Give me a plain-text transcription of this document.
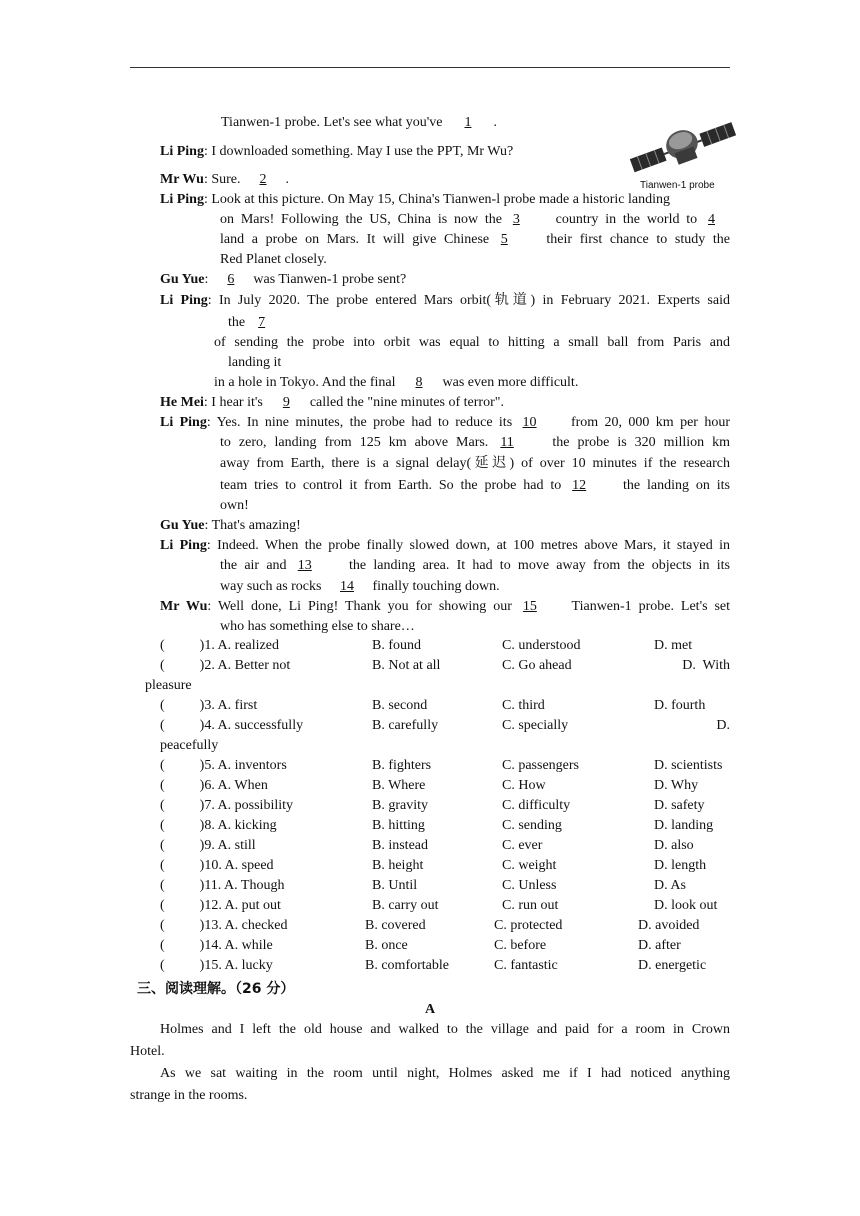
Tianwen-1 probe
Tianwen-1 probe. Let's see what you've 1 .
Li Ping: I downloaded something. May I use the PPT, Mr Wu?
Mr Wu: Sure. 2 .
Li Ping: Look at this picture. On May 15, China's Tianwen-l probe made a historic landing
on Mars! Following the US, China is now the 3	country in the world to 4
land a probe on Mars. It will give Chinese 5	their first chance to study the
Red Planet closely.
Gu Yue: 6 was Tianwen-1 probe sent?
Li Ping: In July 2020. The probe entered Mars orbit(轨道) in February 2021. Experts said
the 7
of sending the probe into orbit was equal to hitting a small ball from Paris and
landing it
in a hole in Tokyo. And the final 8 was even more difficult.
He Mei: I hear it's 9 called the "nine minutes of terror".
Li Ping: Yes. In nine minutes, the probe had to reduce its 10 from 20, 000 km per hour
to zero, landing from 125 km above Mars. 11	the probe is 320 million km
away from Earth, there is a signal delay(延迟) of over 10 minutes if the research
team tries to control it from Earth. So the probe had to 12	the landing on its
own!
Gu Yue: That's amazing!
Li Ping: Indeed. When the probe finally slowed down, at 100 metres above Mars, it stayed in
the air and 13	the landing area. It had to move away from the objects in its
way such as rocks 14 finally touching down.
Mr Wu: Well done, Li Ping! Thank you for showing our 15 Tianwen-1 probe. Let's set
who has something else to share…
(          )1. A. realized	B. found	C. understood	D. met
(          )2. A. Better not	B. Not at all	C. Go ahead	D.  With
pleasure
(          )3. A. first	B. second	C. third	D. fourth
(          )4. A. successfully	B. carefully	C. specially	D.
peacefully
(          )5. A. inventors	B. fighters	C. passengers	D. scientists
(          )6. A. When	B. Where	C. How	D. Why
(          )7. A. possibility	B. gravity	C. difficulty	D. safety
(          )8. A. kicking	B. hitting	C. sending	D. landing
(          )9. A. still	B. instead	C. ever	D. also
(          )10. A. speed	B. height	C. weight	D. length
(          )11. A. Though	B. Until	C. Unless	D. As
(          )12. A. put out	B. carry out	C. run out	D. look out
(          )13. A. checked	B. covered	C. protected	D. avoided
(          )14. A. while	B. once	C. before	D. after
(          )15. A. lucky	B. comfortable	C. fantastic	D. energetic
三、阅读理解。（26 分）
A
Holmes and I left the old house and walked to the village and paid for a room in Crown
Hotel.
As we sat waiting in the room until night, Holmes asked me if I had noticed anything
strange in the rooms.
